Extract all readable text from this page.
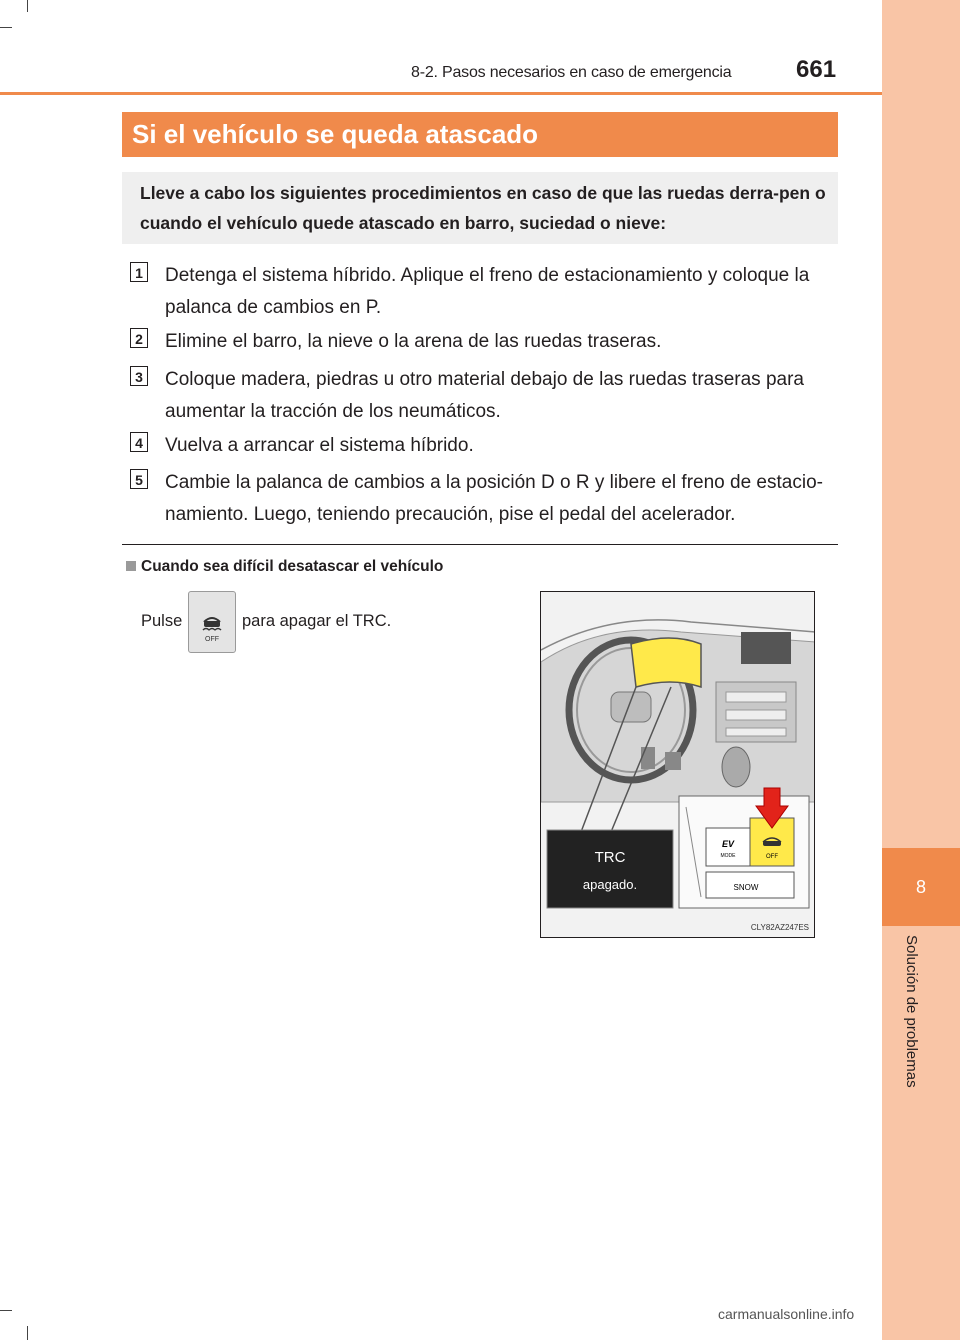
8
Solución de problemas
8-2. Pasos necesarios en caso de emergencia	661
Si el vehículo se queda atascado
Lleve a cabo los siguientes procedimientos en caso de que las ruedas derra-pen o cuando el vehículo quede atascado en barro, suciedad o nieve:
1 Detenga el sistema híbrido. Aplique el freno de estacionamiento y coloque la palanca de cambios en P.
2 Elimine el barro, la nieve o la arena de las ruedas traseras.
3 Coloque madera, piedras u otro material debajo de las ruedas traseras para aumentar la tracción de los neumáticos.
4 Vuelva a arrancar el sistema híbrido.
5 Cambie la palanca de cambios a la posición D o R y libere el freno de estacio-namiento. Luego, teniendo precaución, pise el pedal del acelerador.
Cuando sea difícil desatascar el vehículo
Pulse
OFF
para apagar el TRC.
TRC
apagado.
EV
MODE	OFF
SNOW
CLY82AZ247ES
carmanualsonline.info
